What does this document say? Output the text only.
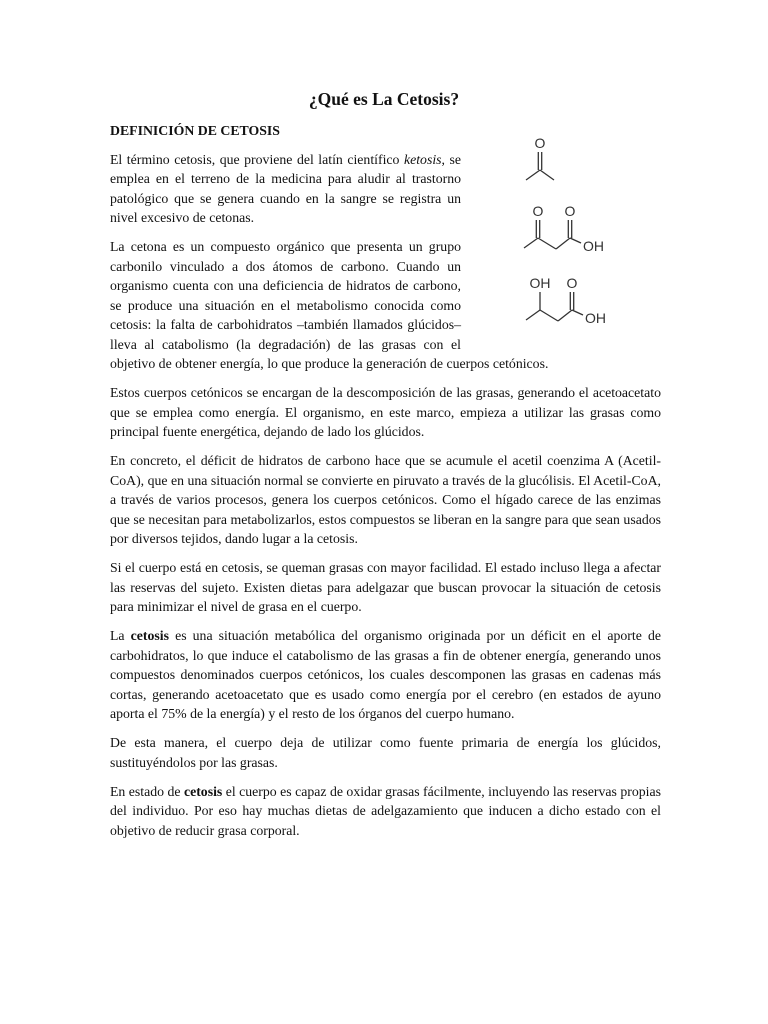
¿Qué es La Cetosis?
O
O O
OH
OH O
OH
DEFINICIÓN DE CETOSIS

El término cetosis, que proviene del latín científico ketosis, se emplea en el terreno de la medicina para aludir al trastorno patológico que se genera cuando en la sangre se registra un nivel excesivo de cetonas.

La cetona es un compuesto orgánico que presenta un grupo carbonilo vinculado a dos átomos de carbono. Cuando un organismo cuenta con una deficiencia de hidratos de carbono, se produce una situación en el metabolismo conocida como cetosis: la falta de carbohidratos –también llamados glúcidos– lleva al catabolismo (la degradación) de las grasas con el objetivo de obtener energía, lo que produce la generación de cuerpos cetónicos.

Estos cuerpos cetónicos se encargan de la descomposición de las grasas, generando el acetoacetato que se emplea como energía. El organismo, en este marco, empieza a utilizar las grasas como principal fuente energética, dejando de lado los glúcidos.

En concreto, el déficit de hidratos de carbono hace que se acumule el acetil coenzima A (Acetil-CoA), que en una situación normal se convierte en piruvato a través de la glucólisis. El Acetil-CoA, a través de varios procesos, genera los cuerpos cetónicos. Como el hígado carece de las enzimas que se necesitan para metabolizarlos, estos compuestos se liberan en la sangre para que sean usados por diversos tejidos, dando lugar a la cetosis.

Si el cuerpo está en cetosis, se queman grasas con mayor facilidad. El estado incluso llega a afectar las reservas del sujeto. Existen dietas para adelgazar que buscan provocar la situación de cetosis para minimizar el nivel de grasa en el cuerpo.

La cetosis es una situación metabólica del organismo originada por un déficit en el aporte de carbohidratos, lo que induce el catabolismo de las grasas a fin de obtener energía, generando unos compuestos denominados cuerpos cetónicos, los cuales descomponen las grasas en cadenas más cortas, generando acetoacetato que es usado como energía por el cerebro (en estados de ayuno aporta el 75% de la energía) y el resto de los órganos del cuerpo humano.

De esta manera, el cuerpo deja de utilizar como fuente primaria de energía los glúcidos, sustituyéndolos por las grasas.

En estado de cetosis el cuerpo es capaz de oxidar grasas fácilmente, incluyendo las reservas propias del individuo. Por eso hay muchas dietas de adelgazamiento que inducen a dicho estado con el objetivo de reducir grasa corporal.
